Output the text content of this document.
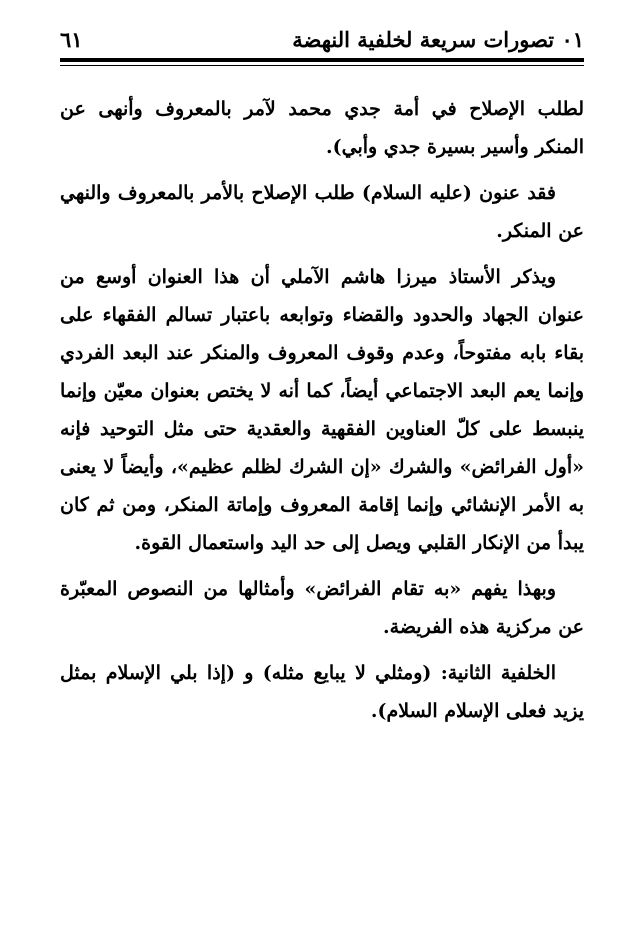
٠١ تصورات سريعة لخلفية النهضة
٦١

لطلب الإصلاح في أمة جدي محمد لآمر بالمعروف وأنهى عن المنكر وأسير بسيرة جدي وأبي).

فقد عنون (عليه السلام) طلب الإصلاح بالأمر بالمعروف والنهي عن المنكر.

ويذكر الأستاذ ميرزا هاشم الآملي أن هذا العنوان أوسع من عنوان الجهاد والحدود والقضاء وتوابعه باعتبار تسالم الفقهاء على بقاء بابه مفتوحاً، وعدم وقوف المعروف والمنكر عند البعد الفردي وإنما يعم البعد الاجتماعي أيضاً، كما أنه لا يختص بعنوان معيّن وإنما ينبسط على كلّ العناوين الفقهية والعقدية حتى مثل التوحيد فإنه «أول الفرائض» والشرك «إن الشرك لظلم عظيم»، وأيضاً لا يعنى به الأمر الإنشائي وإنما إقامة المعروف وإماتة المنكر، ومن ثم كان يبدأ من الإنكار القلبي ويصل إلى حد اليد واستعمال القوة.

وبهذا يفهم «به تقام الفرائض» وأمثالها من النصوص المعبّرة عن مركزية هذه الفريضة.

الخلفية الثانية: (ومثلي لا يبايع مثله) و (إذا بلي الإسلام بمثل يزيد فعلى الإسلام السلام).
